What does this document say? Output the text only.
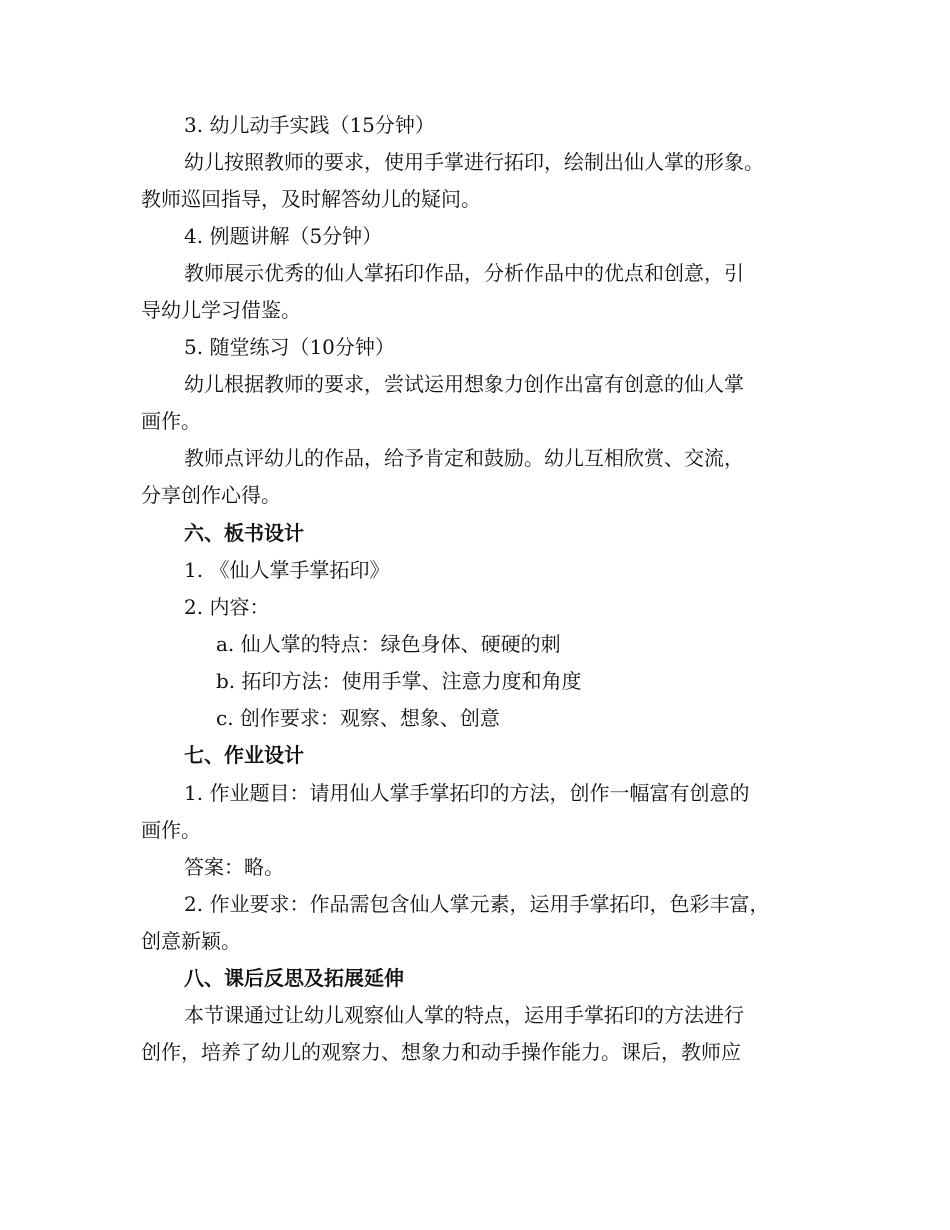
3. 幼儿动手实践（15分钟）
幼儿按照教师的要求，使用手掌进行拓印，绘制出仙人掌的形象。
教师巡回指导，及时解答幼儿的疑问。
4. 例题讲解（5分钟）
教师展示优秀的仙人掌拓印作品，分析作品中的优点和创意，引
导幼儿学习借鉴。
5. 随堂练习（10分钟）
幼儿根据教师的要求，尝试运用想象力创作出富有创意的仙人掌
画作。
教师点评幼儿的作品，给予肯定和鼓励。幼儿互相欣赏、交流，
分享创作心得。
六、板书设计
1. 《仙人掌手掌拓印》
2. 内容：
a. 仙人掌的特点：绿色身体、硬硬的刺
b. 拓印方法：使用手掌、注意力度和角度
c. 创作要求：观察、想象、创意
七、作业设计
1. 作业题目：请用仙人掌手掌拓印的方法，创作一幅富有创意的
画作。
答案：略。
2. 作业要求：作品需包含仙人掌元素，运用手掌拓印，色彩丰富，
创意新颖。
八、课后反思及拓展延伸
本节课通过让幼儿观察仙人掌的特点，运用手掌拓印的方法进行
创作，培养了幼儿的观察力、想象力和动手操作能力。课后，教师应
